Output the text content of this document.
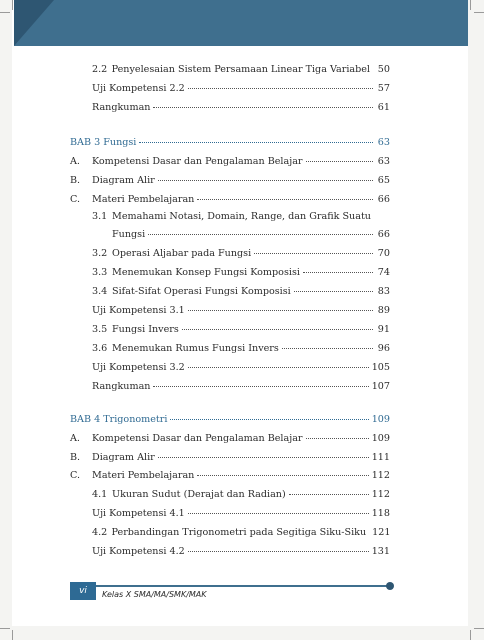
2.2 Penyelesaian Sistem Persamaan Linear Tiga Variabel 50
Uji Kompetensi 2.2	57
Rangkuman	61
BAB 3 Fungsi	63
A.	Kompetensi Dasar dan Pengalaman Belajar	63
B.	Diagram Alir	65
C.	Materi Pembelajaran	66
3.1 Memahami Notasi, Domain, Range, dan Grafik Suatu
Fungsi	66
3.2 Operasi Aljabar pada Fungsi	70
3.3 Menemukan Konsep Fungsi Komposisi	74
3.4 Sifat-Sifat Operasi Fungsi Komposisi	83
Uji Kompetensi 3.1	89
3.5 Fungsi Invers	91
3.6 Menemukan Rumus Fungsi Invers	96
Uji Kompetensi 3.2	105
Rangkuman	107
BAB 4 Trigonometri	109
A.	Kompetensi Dasar dan Pengalaman Belajar	109
B.	Diagram Alir	111
C.	Materi Pembelajaran	112
4.1 Ukuran Sudut (Derajat dan Radian)	112
Uji Kompetensi 4.1	118
4.2 Perbandingan Trigonometri pada Segitiga Siku-Siku 121
Uji Kompetensi 4.2	131
vi Kelas X SMA/MA/SMK/MAK
